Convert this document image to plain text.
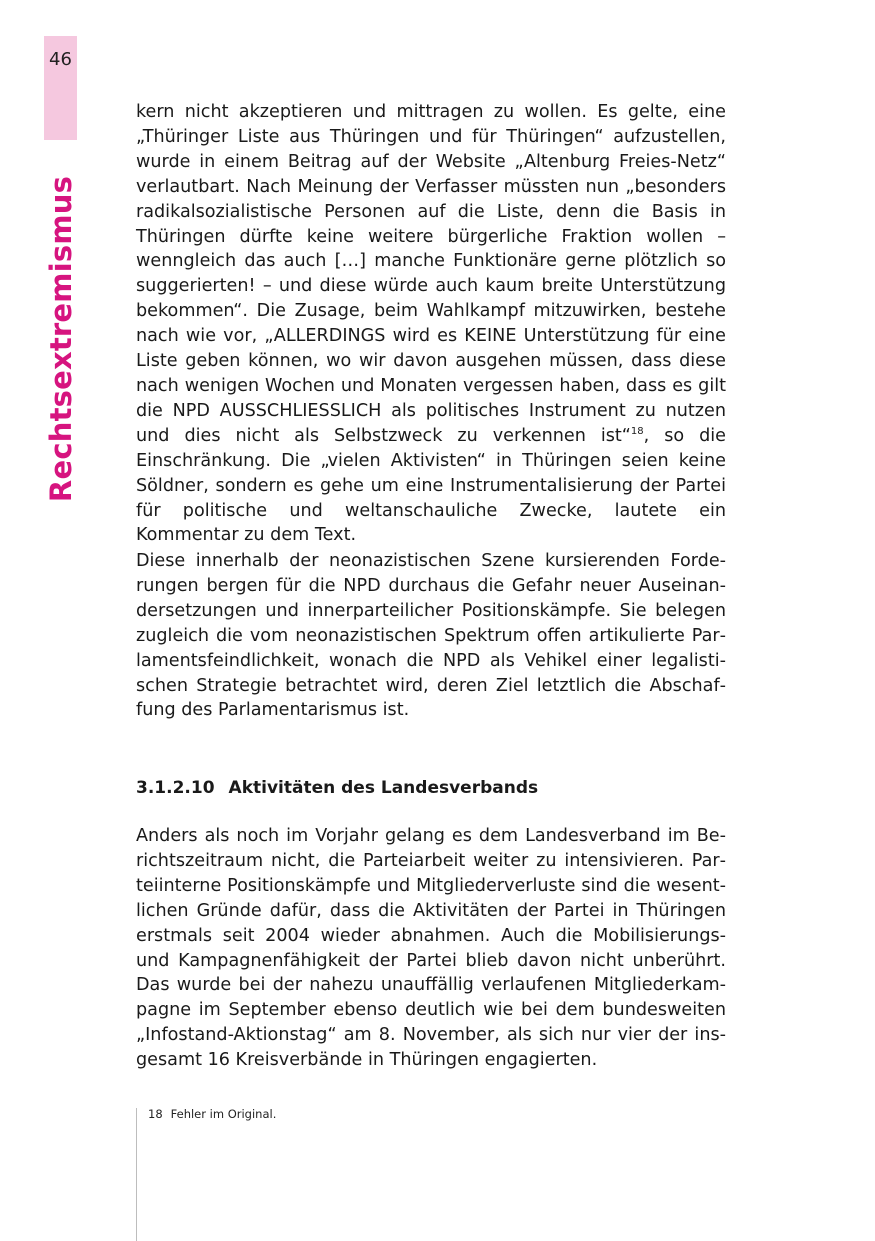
46
Rechtsextremismus

kern nicht akzeptieren und mittragen zu wollen. Es gelte, eine „Thüringer Liste aus Thüringen und für Thüringen“ aufzustellen, wurde in einem Beitrag auf der Website „Altenburg Freies-Netz“ verlautbart. Nach Meinung der Verfasser müssten nun „besonders radikalsozialistische Personen auf die Liste, denn die Basis in Thüringen dürfte keine weitere bürgerliche Fraktion wollen – wenngleich das auch […] manche Funktionäre gerne plötzlich so suggerierten! – und diese würde auch kaum breite Unterstützung bekommen“. Die Zusage, beim Wahlkampf mitzuwirken, bestehe nach wie vor, „ALLERDINGS wird es KEINE Unterstützung für eine Liste geben können, wo wir davon ausgehen müssen, dass diese nach wenigen Wochen und Monaten vergessen haben, dass es gilt die NPD AUSSCHLIESSLICH als politisches Instrument zu nutzen und dies nicht als Selbstzweck zu verkennen ist“$^{18}$, so die Einschränkung. Die „vielen Aktivisten“ in Thüringen seien keine Söldner, sondern es gehe um eine Instrumentalisierung der Partei für politische und weltanschauliche Zwecke, lautete ein Kommentar zu dem Text.

Diese innerhalb der neonazistischen Szene kursierenden Forderungen bergen für die NPD durchaus die Gefahr neuer Auseinandersetzungen und innerparteilicher Positionskämpfe. Sie belegen zugleich die vom neonazistischen Spektrum offen artikulierte Parlamentsfeindlichkeit, wonach die NPD als Vehikel einer legalistischen Strategie betrachtet wird, deren Ziel letztlich die Abschaffung des Parlamentarismus ist.

3.1.2.10 Aktivitäten des Landesverbands

Anders als noch im Vorjahr gelang es dem Landesverband im Berichtszeitraum nicht, die Parteiarbeit weiter zu intensivieren. Parteiinterne Positionskämpfe und Mitgliederverluste sind die wesentlichen Gründe dafür, dass die Aktivitäten der Partei in Thüringen erstmals seit 2004 wieder abnahmen. Auch die Mobilisierungs- und Kampagnenfähigkeit der Partei blieb davon nicht unberührt. Das wurde bei der nahezu unauffällig verlaufenen Mitgliederkampagne im September ebenso deutlich wie bei dem bundesweiten „Infostand-Aktionstag“ am 8. November, als sich nur vier der insgesamt 16 Kreisverbände in Thüringen engagierten.

18 Fehler im Original.
